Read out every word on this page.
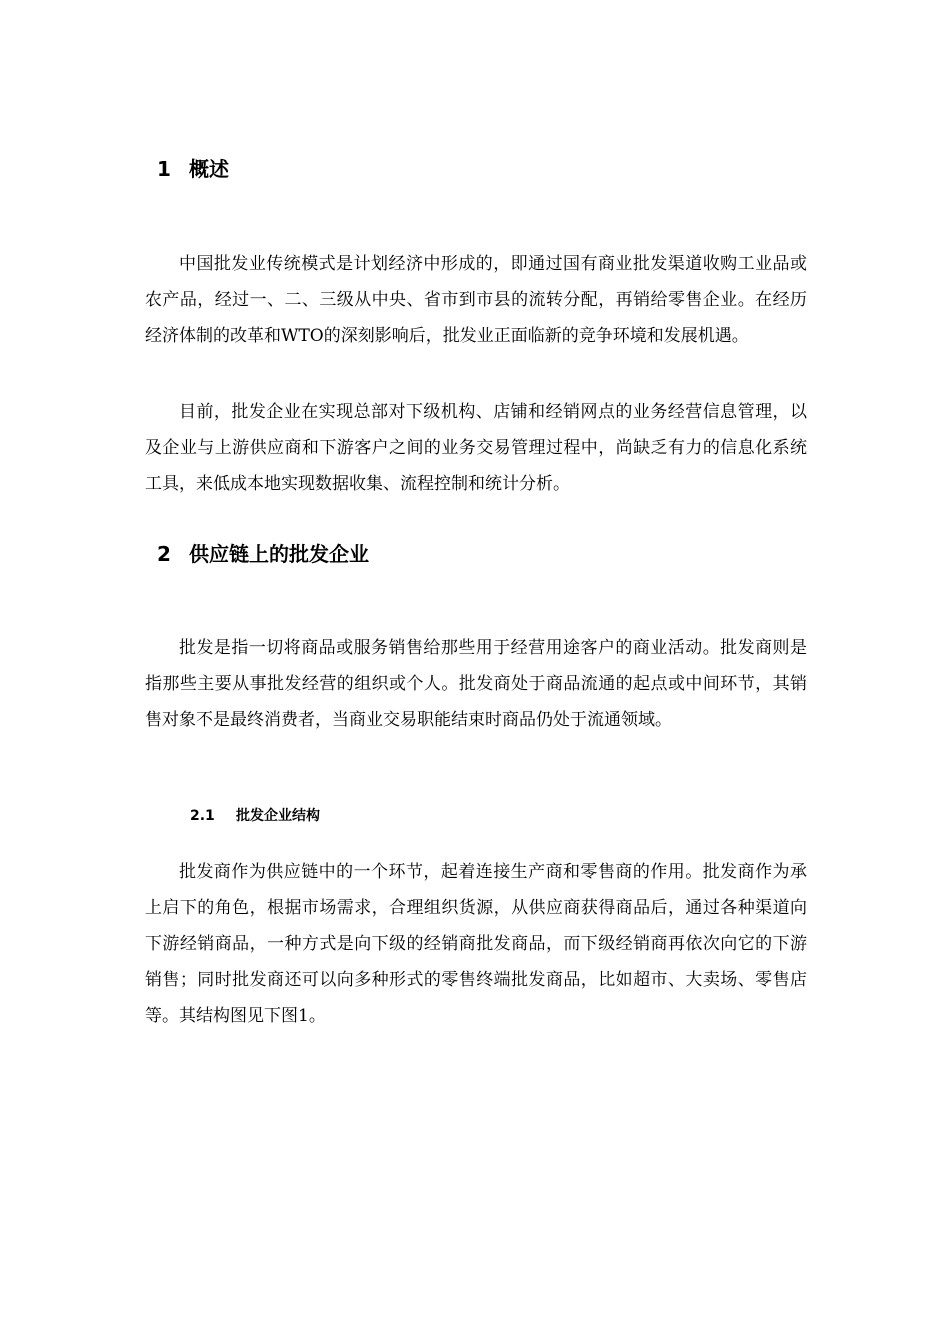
1 概述

中国批发业传统模式是计划经济中形成的，即通过国有商业批发渠道收购工业品或农产品，经过一、二、三级从中央、省市到市县的流转分配，再销给零售企业。在经历经济体制的改革和WTO的深刻影响后，批发业正面临新的竞争环境和发展机遇。

目前，批发企业在实现总部对下级机构、店铺和经销网点的业务经营信息管理，以及企业与上游供应商和下游客户之间的业务交易管理过程中，尚缺乏有力的信息化系统工具，来低成本地实现数据收集、流程控制和统计分析。

2 供应链上的批发企业

批发是指一切将商品或服务销售给那些用于经营用途客户的商业活动。批发商则是指那些主要从事批发经营的组织或个人。批发商处于商品流通的起点或中间环节，其销售对象不是最终消费者，当商业交易职能结束时商品仍处于流通领域。

2.1 批发企业结构

批发商作为供应链中的一个环节，起着连接生产商和零售商的作用。批发商作为承上启下的角色，根据市场需求，合理组织货源，从供应商获得商品后，通过各种渠道向下游经销商品，一种方式是向下级的经销商批发商品，而下级经销商再依次向它的下游销售；同时批发商还可以向多种形式的零售终端批发商品，比如超市、大卖场、零售店等。其结构图见下图1。
